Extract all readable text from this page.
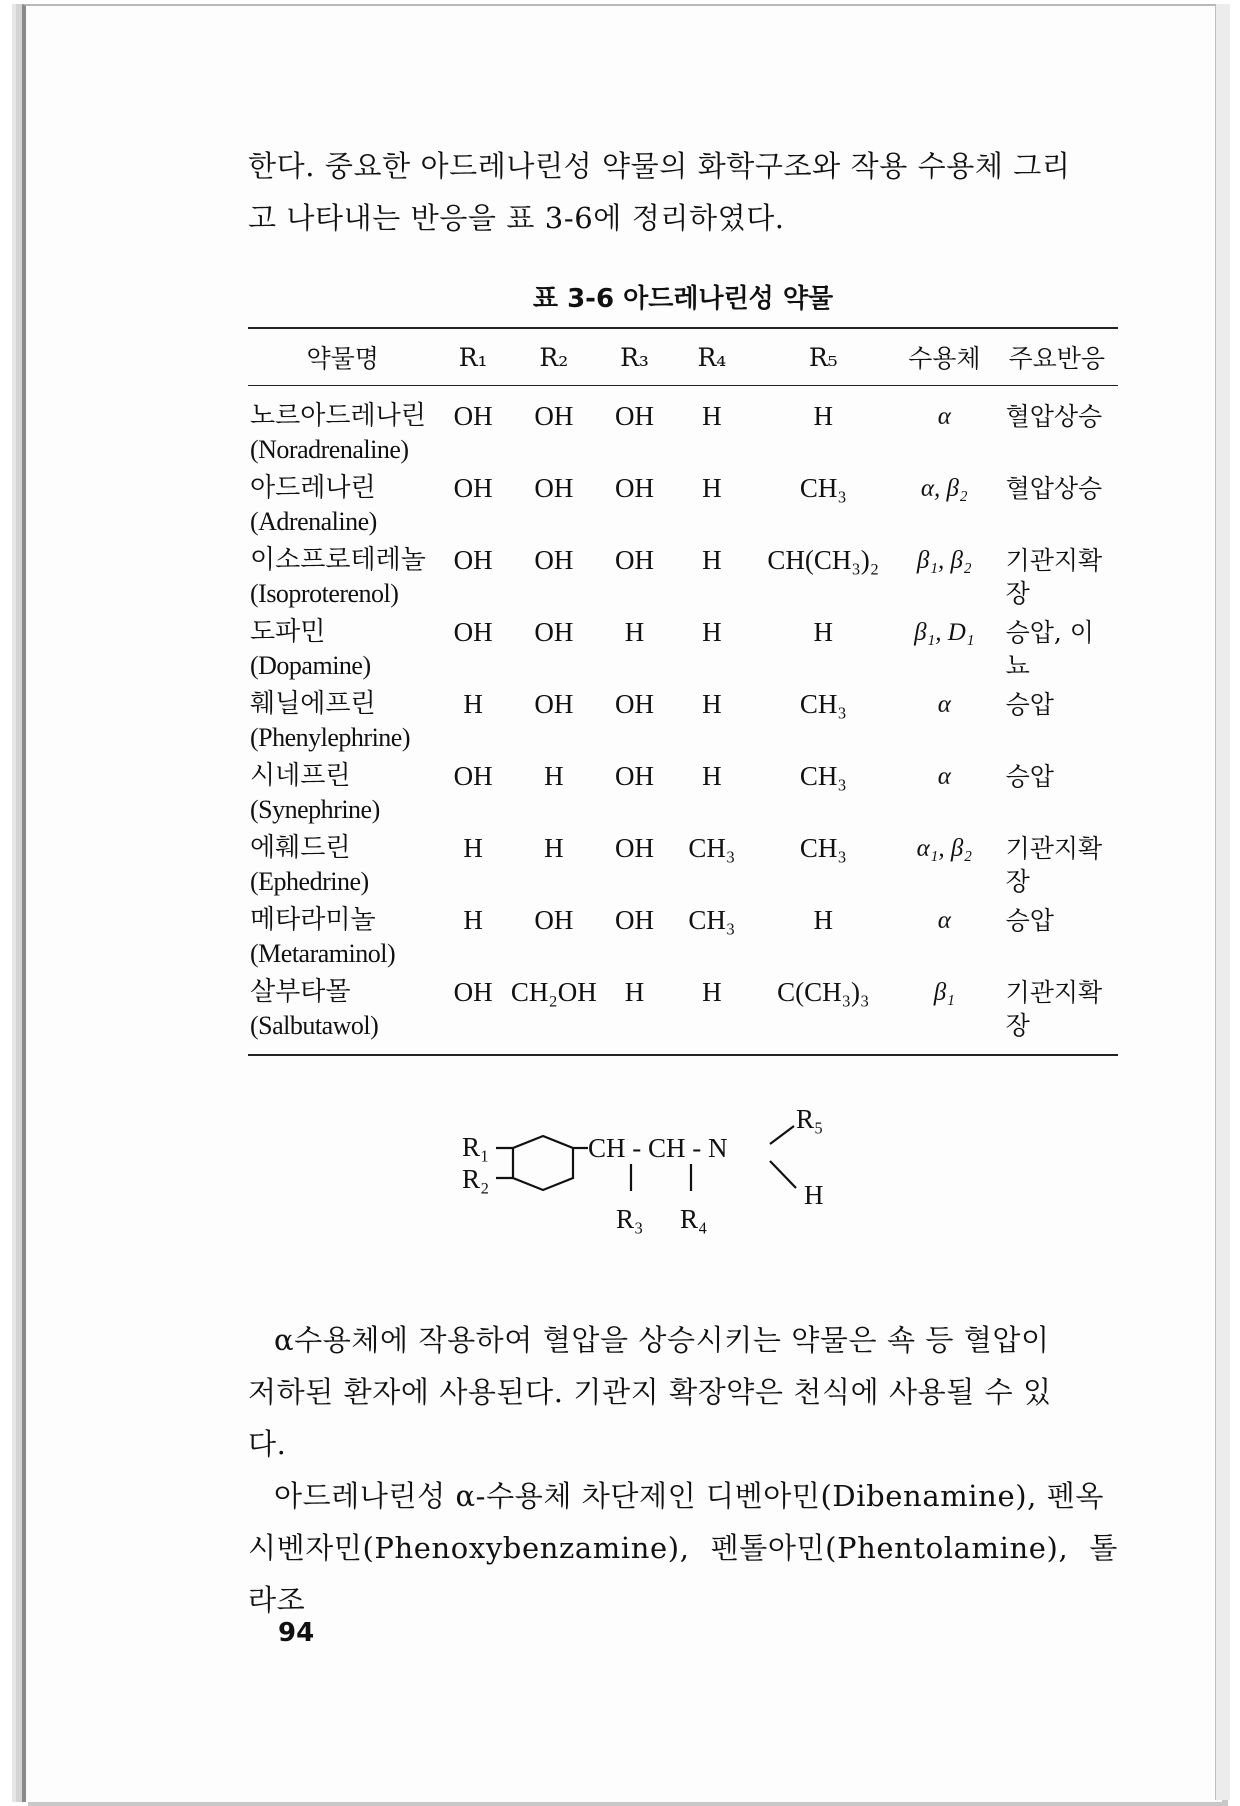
한다. 중요한 아드레나린성 약물의 화학구조와 작용 수용체 그리

고 나타내는 반응을 표 3-6에 정리하였다.

표 3-6 아드레나린성 약물
약물명	R₁	R₂	R₃	R₄	R₅	수용체	주요반응

노르아드레나린
(Noradrenaline)	OH	OH	OH	H	H	α	혈압상승

아드레나린
(Adrenaline)	OH	OH	OH	H	CH₃	α, β₂	혈압상승

이소프로테레놀
(Isoproterenol)	OH	OH	OH	H	CH(CH₃)₂	β₁, β₂	기관지확장

도파민
(Dopamine)	OH	OH	H	H	H	β₁, D₁	승압, 이뇨

훼닐에프린
(Phenylephrine)	H	OH	OH	H	CH₃	α	승압

시네프린
(Synephrine)	OH	H	OH	H	CH₃	α	승압

에훼드린
(Ephedrine)	H	H	OH	CH₃	CH₃	α₁, β₂	기관지확장

메타라미놀
(Metaraminol)	H	OH	OH	CH₃	H	α	승압

살부타몰
(Salbutawol)	OH	CH₂OH	H	H	C(CH₃)₃	β₁	기관지확장
R₁
R₂
CH - CH - N
R₅
H
R₃ R₄

α수용체에 작용하여 혈압을 상승시키는 약물은 쇽 등 혈압이

저하된 환자에 사용된다. 기관지 확장약은 천식에 사용될 수 있

다.

아드레나린성 α-수용체 차단제인 디벤아민(Dibenamine), 펜옥

시벤자민(Phenoxybenzamine), 펜톨아민(Phentolamine), 톨라조

94
